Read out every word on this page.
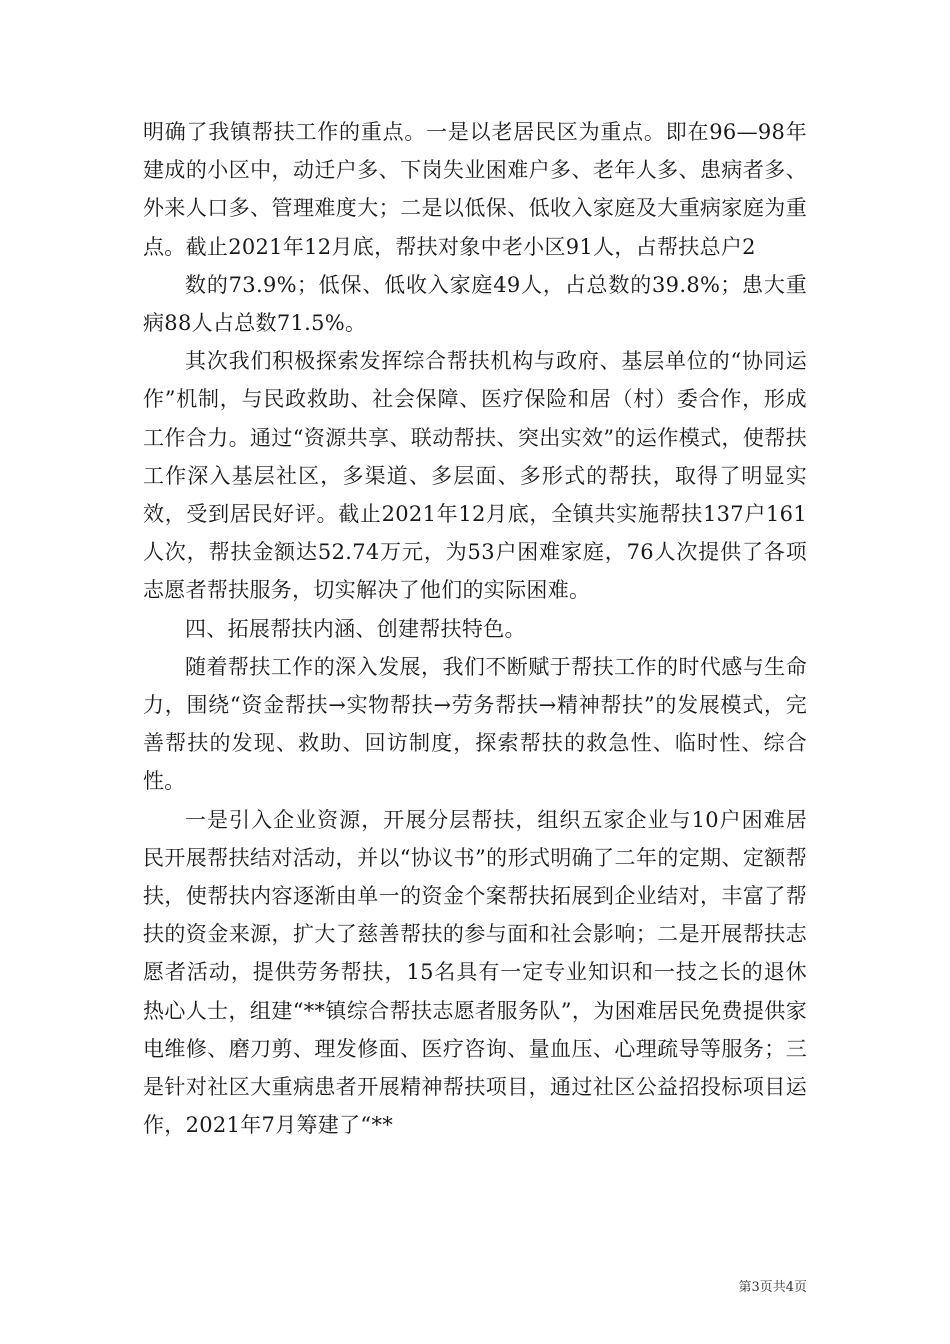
明确了我镇帮扶工作的重点。一是以老居民区为重点。即在96—98年建成的小区中，动迁户多、下岗失业困难户多、老年人多、患病者多、外来人口多、管理难度大；二是以低保、低收入家庭及大重病家庭为重点。截止2021年12月底，帮扶对象中老小区91人，占帮扶总户2

数的73.9%；低保、低收入家庭49人，占总数的39.8%；患大重病88人占总数71.5%。

其次我们积极探索发挥综合帮扶机构与政府、基层单位的“协同运作”机制，与民政救助、社会保障、医疗保险和居（村）委合作，形成工作合力。通过“资源共享、联动帮扶、突出实效”的运作模式，使帮扶工作深入基层社区，多渠道、多层面、多形式的帮扶，取得了明显实效，受到居民好评。截止2021年12月底，全镇共实施帮扶137户161人次，帮扶金额达52.74万元，为53户困难家庭，76人次提供了各项志愿者帮扶服务，切实解决了他们的实际困难。

四、拓展帮扶内涵、创建帮扶特色。

随着帮扶工作的深入发展，我们不断赋于帮扶工作的时代感与生命力，围绕“资金帮扶→实物帮扶→劳务帮扶→精神帮扶”的发展模式，完善帮扶的发现、救助、回访制度，探索帮扶的救急性、临时性、综合性。

一是引入企业资源，开展分层帮扶，组织五家企业与10户困难居民开展帮扶结对活动，并以“协议书”的形式明确了二年的定期、定额帮扶，使帮扶内容逐渐由单一的资金个案帮扶拓展到企业结对，丰富了帮扶的资金来源，扩大了慈善帮扶的参与面和社会影响；二是开展帮扶志愿者活动，提供劳务帮扶，15名具有一定专业知识和一技之长的退休热心人士，组建“**镇综合帮扶志愿者服务队”，为困难居民免费提供家电维修、磨刀剪、理发修面、医疗咨询、量血压、心理疏导等服务；三是针对社区大重病患者开展精神帮扶项目，通过社区公益招投标项目运作，2021年7月筹建了“**

第3页共4页
